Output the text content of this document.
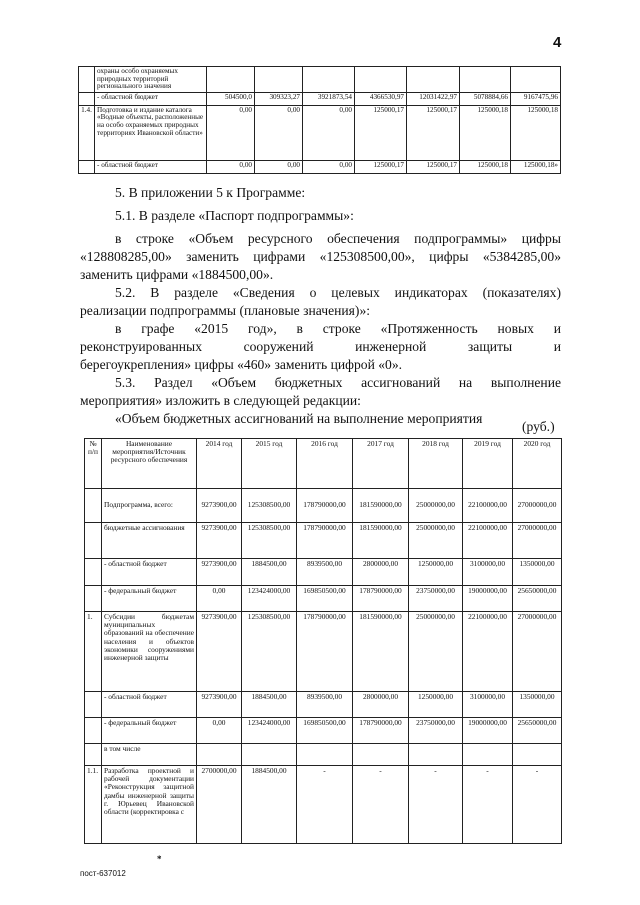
4
	охраны особо охраняемых природных территорий регионального значения							
	- областной бюджет	504500,0	309323,27	3921873,54	4366530,97	12031422,97	5078884,66	9167475,96
1.4.	Подготовка и издание каталога «Водные объекты, расположенные на особо охраняемых природных территориях Ивановской области»	0,00	0,00	0,00	125000,17	125000,17	125000,18	125000,18
	- областной бюджет	0,00	0,00	0,00	125000,17	125000,17	125000,18	125000,18»
5. В приложении 5 к Программе:
5.1. В разделе «Паспорт подпрограммы»:
в строке «Объем ресурсного обеспечения подпрограммы» цифры
«128808285,00» заменить цифрами «125308500,00», цифры «5384285,00»
заменить цифрами «1884500,00».
5.2. В разделе «Сведения о целевых индикаторах (показателях)
реализации подпрограммы (плановые значения)»:
в графе «2015 год», в строке «Протяженность новых и
реконструированных сооружений инженерной защиты и
берегоукрепления» цифры «460» заменить цифрой «0».
5.3. Раздел «Объем бюджетных ассигнований на выполнение
мероприятия» изложить в следующей редакции:
«Объем бюджетных ассигнований на выполнение мероприятия
(руб.)
№ п/п	Наименование мероприятия/Источник ресурсного обеспечения	2014 год	2015 год	2016 год	2017 год	2018 год	2019 год	2020 год
	Подпрограмма, всего:	9273900,00	125308500,00	178790000,00	181590000,00	25000000,00	22100000,00	27000000,00
	бюджетные ассигнования	9273900,00	125308500,00	178790000,00	181590000,00	25000000,00	22100000,00	27000000,00
	- областной бюджет	9273900,00	1884500,00	8939500,00	2800000,00	1250000,00	3100000,00	1350000,00
	- федеральный бюджет	0,00	123424000,00	169850500,00	178790000,00	23750000,00	19000000,00	25650000,00
1.	Субсидии бюджетам муниципальных образований на обеспечение населения и объектов экономики сооружениями инженерной защиты	9273900,00	125308500,00	178790000,00	181590000,00	25000000,00	22100000,00	27000000,00
	- областной бюджет	9273900,00	1884500,00	8939500,00	2800000,00	1250000,00	3100000,00	1350000,00
	- федеральный бюджет	0,00	123424000,00	169850500,00	178790000,00	23750000,00	19000000,00	25650000,00
	в том числе							
1.1.	Разработка проектной и рабочей документации «Реконструкция защитной дамбы инженерной защиты г. Юрьевец Ивановской области (корректировка с	2700000,00	1884500,00	-	-	-	-	-
*
пост-637012
